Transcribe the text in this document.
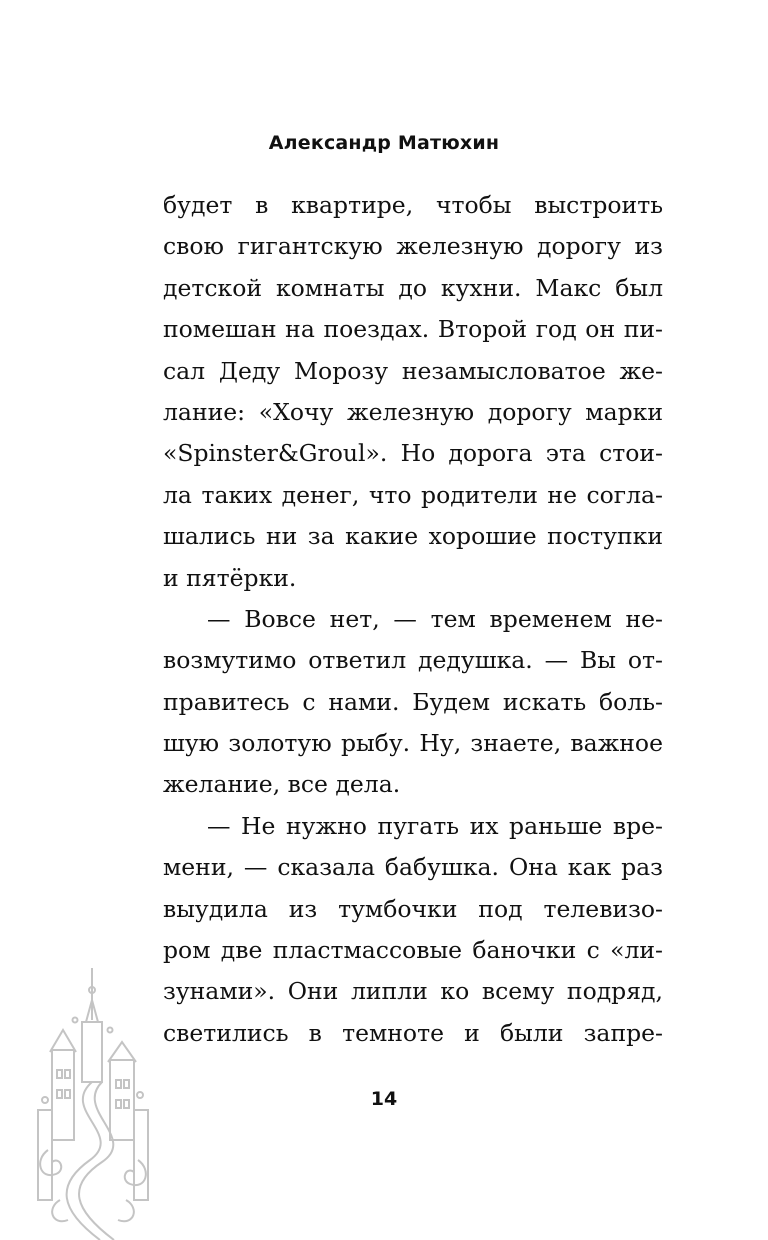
Александр Матюхин
будет в квартире, чтобы выстроить
свою гигантскую железную дорогу из
детской комнаты до кухни. Макс был
помешан на поездах. Второй год он пи-
сал Деду Морозу незамысловатое же-
лание: «Хочу железную дорогу марки
«Spinster&Groul». Но дорога эта стои-
ла таких денег, что родители не согла-
шались ни за какие хорошие поступки
и пятёрки.
— Вовсе нет, — тем временем не-
возмутимо ответил дедушка. — Вы от-
правитесь с нами. Будем искать боль-
шую золотую рыбу. Ну, знаете, важное
желание, все дела.
— Не нужно пугать их раньше вре-
мени, — сказала бабушка. Она как раз
выудила из тумбочки под телевизо-
ром две пластмассовые баночки с «ли-
зунами». Они липли ко всему подряд,
светились в темноте и были запре-
14
